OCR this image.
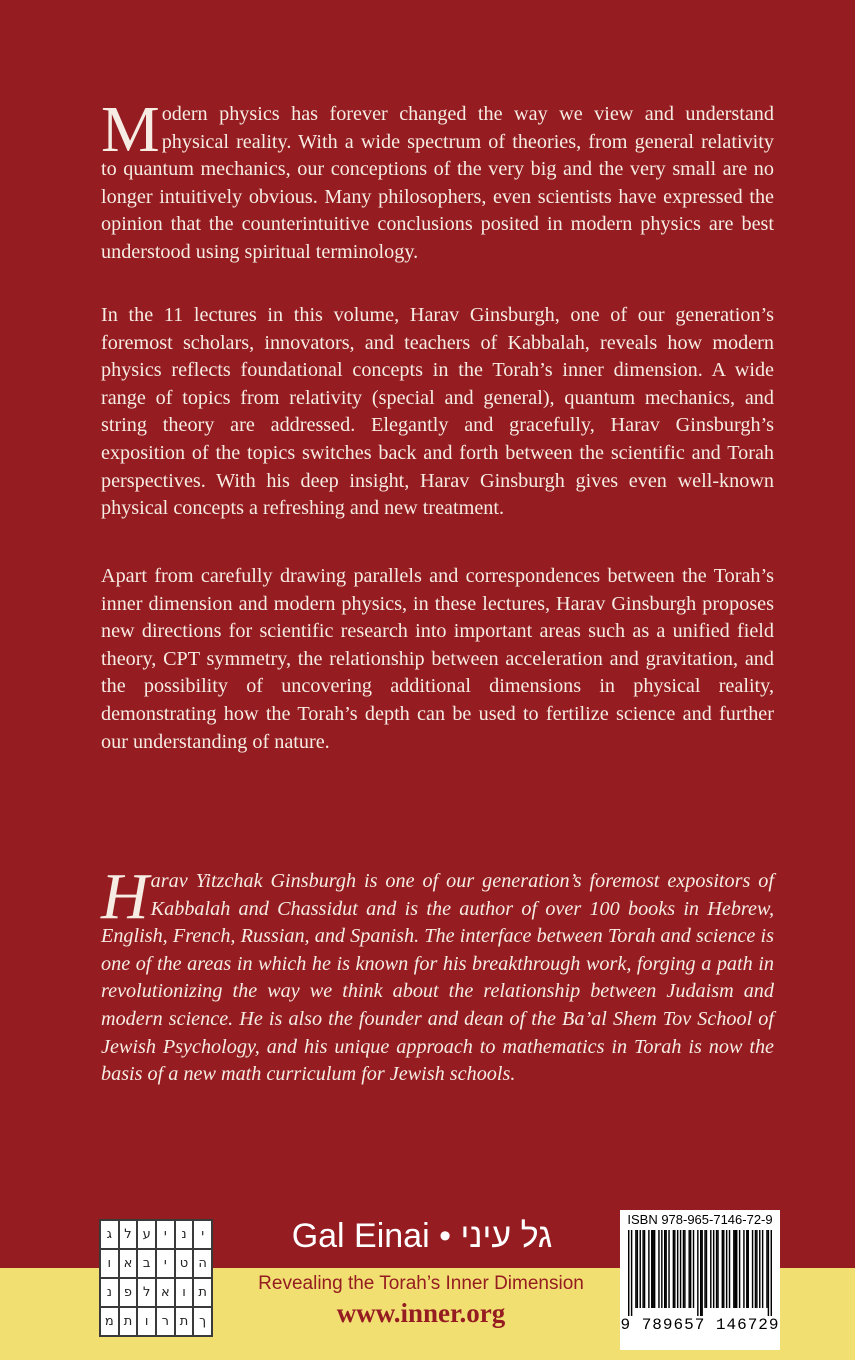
Modern physics has forever changed the way we view and understand physical reality. With a wide spectrum of theories, from general relativity to quantum mechanics, our conceptions of the very big and the very small are no longer intuitively obvious. Many philosophers, even scientists have expressed the opinion that the counterintuitive conclusions posited in modern physics are best understood using spiritual terminology.

In the 11 lectures in this volume, Harav Ginsburgh, one of our generation’s foremost scholars, innovators, and teachers of Kabbalah, reveals how modern physics reflects foundational concepts in the Torah’s inner dimension. A wide range of topics from relativity (special and general), quantum mechanics, and string theory are addressed. Elegantly and gracefully, Harav Ginsburgh’s exposition of the topics switches back and forth between the scientific and Torah perspectives. With his deep insight, Harav Ginsburgh gives even well-known physical concepts a refreshing and new treatment.

Apart from carefully drawing parallels and correspondences between the Torah’s inner dimension and modern physics, in these lectures, Harav Ginsburgh proposes new directions for scientific research into important areas such as a unified field theory, CPT symmetry, the relationship between acceleration and gravitation, and the possibility of uncovering additional dimensions in physical reality, demonstrating how the Torah’s depth can be used to fertilize science and further our understanding of nature.

Harav Yitzchak Ginsburgh is one of our generation’s foremost expositors of Kabbalah and Chassidut and is the author of over 100 books in Hebrew, English, French, Russian, and Spanish. The interface between Torah and science is one of the areas in which he is known for his breakthrough work, forging a path in revolutionizing the way we think about the relationship between Judaism and modern science. He is also the founder and dean of the Ba’al Shem Tov School of Jewish Psychology, and his unique approach to mathematics in Torah is now the basis of a new math curriculum for Jewish schools.

ג ל ע	י	נ	י
ו א ב	י ט ה
נ פ ל א ו ת
מ ת ו	ר ת ך
Gal Einai • גל עיני
Revealing the Torah’s Inner Dimension
www.inner.org
ISBN 978-965-7146-72-9
9 789657 146729
